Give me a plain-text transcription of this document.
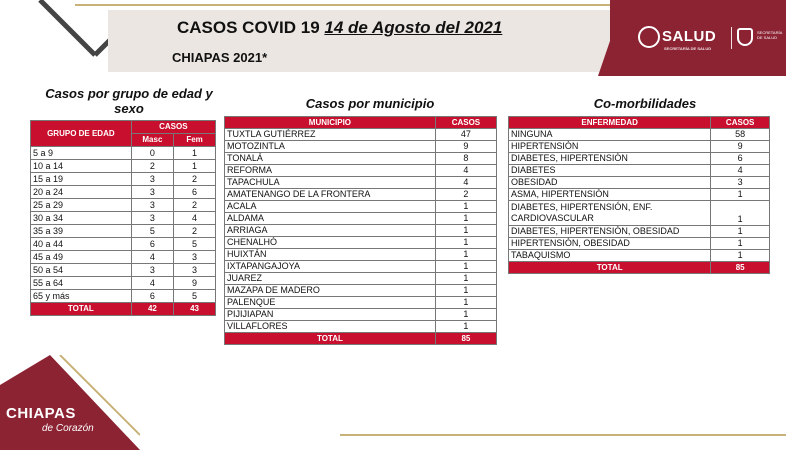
CASOS COVID 19 14 de Agosto del 2021
CHIAPAS 2021*
SALUD
SECRETARÍA DE SALUD
SECRETARÍA DE SALUD
Casos por grupo de edad y sexo	Casos por municipio	Co-morbilidades
GRUPO DE EDAD	CASOS	
	Masc	Fem
5 a 9	0	1
10 a 14	2	1
15 a 19	3	2
20 a 24	3	6
25 a 29	3	2
30 a 34	3	4
35 a 39	5	2
40 a 44	6	5
45 a 49	4	3
50 a 54	3	3
55 a 64	4	9
65 y más	6	5
TOTAL	42	43
MUNICIPIO	CASOS
TUXTLA GUTIÉRREZ	47
MOTOZINTLA	9
TONALÁ	8
REFORMA	4
TAPACHULA	4
AMATENANGO DE LA FRONTERA	2
ACALA	1
ALDAMA	1
ARRIAGA	1
CHENALHÓ	1
HUIXTÁN	1
IXTAPANGAJOYA	1
JUAREZ	1
MAZAPA DE MADERO	1
PALENQUE	1
PIJIJIAPAN	1
VILLAFLORES	1
TOTAL	85
ENFERMEDAD	CASOS
NINGUNA	58
HIPERTENSIÓN	9
DIABETES, HIPERTENSIÓN	6
DIABETES	4
OBESIDAD	3
ASMA, HIPERTENSIÓN	1
DIABETES, HIPERTENSIÓN, ENF. CARDIOVASCULAR	1
DIABETES, HIPERTENSIÓN, OBESIDAD	1
HIPERTENSIÓN, OBESIDAD	1
TABAQUISMO	1
TOTAL	85
CHIAPAS
de Corazón
